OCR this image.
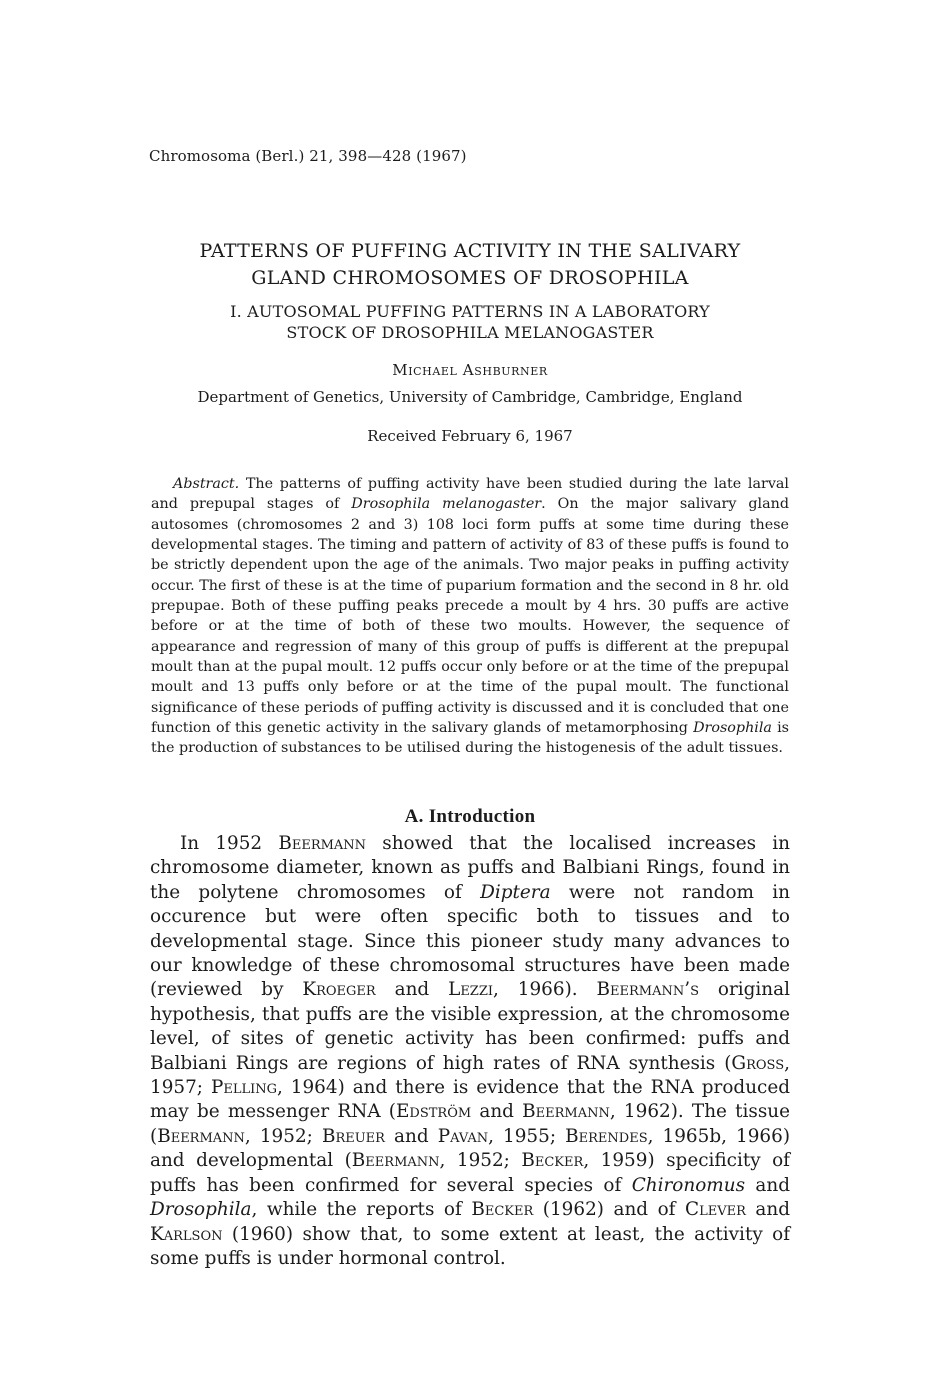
Chromosoma (Berl.) 21, 398—428 (1967)
PATTERNS OF PUFFING ACTIVITY IN THE SALIVARY
GLAND CHROMOSOMES OF DROSOPHILA
I. AUTOSOMAL PUFFING PATTERNS IN A LABORATORY
STOCK OF DROSOPHILA MELANOGASTER
Michael Ashburner
Department of Genetics, University of Cambridge, Cambridge, England
Received February 6, 1967

Abstract. The patterns of puffing activity have been studied during the late larval and prepupal stages of Drosophila melanogaster. On the major salivary gland autosomes (chromosomes 2 and 3) 108 loci form puffs at some time during these developmental stages. The timing and pattern of activity of 83 of these puffs is found to be strictly dependent upon the age of the animals. Two major peaks in puffing activity occur. The first of these is at the time of puparium formation and the second in 8 hr. old prepupae. Both of these puffing peaks precede a moult by 4 hrs. 30 puffs are active before or at the time of both of these two moults. However, the sequence of appearance and regression of many of this group of puffs is different at the prepupal moult than at the pupal moult. 12 puffs occur only before or at the time of the prepupal moult and 13 puffs only before or at the time of the pupal moult. The functional significance of these periods of puffing activity is discussed and it is concluded that one function of this genetic activity in the salivary glands of metamorphosing Drosophila is the production of substances to be utilised during the histogenesis of the adult tissues.

A. Introduction

In 1952 Beermann showed that the localised increases in chromosome diameter, known as puffs and Balbiani Rings, found in the polytene chromosomes of Diptera were not random in occurence but were often specific both to tissues and to developmental stage. Since this pioneer study many advances to our knowledge of these chromosomal structures have been made (reviewed by Kroeger and Lezzi, 1966). Beermann’s original hypothesis, that puffs are the visible expression, at the chromosome level, of sites of genetic activity has been confirmed: puffs and Balbiani Rings are regions of high rates of RNA synthesis (Gross, 1957; Pelling, 1964) and there is evidence that the RNA produced may be messenger RNA (Edström and Beermann, 1962). The tissue (Beermann, 1952; Breuer and Pavan, 1955; Berendes, 1965b, 1966) and developmental (Beermann, 1952; Becker, 1959) specificity of puffs has been confirmed for several species of Chironomus and Drosophila, while the reports of Becker (1962) and of Clever and Karlson (1960) show that, to some extent at least, the activity of some puffs is under hormonal control.
